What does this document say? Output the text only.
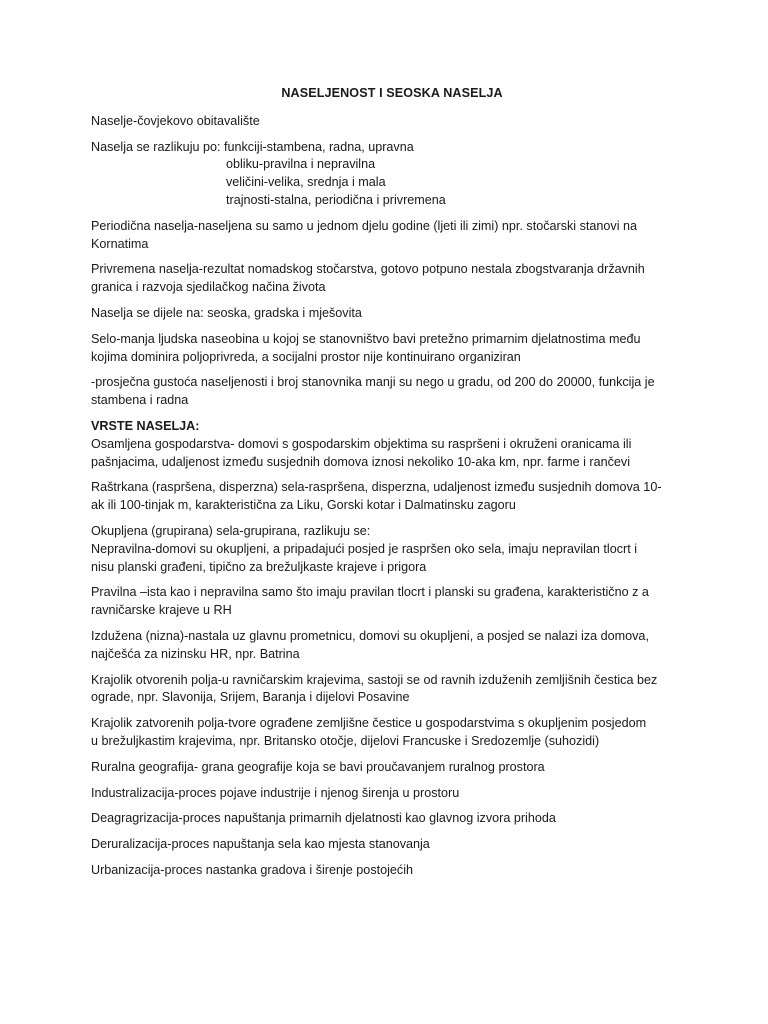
NASELJENOST I SEOSKA NASELJA
Naselje-čovjekovo obitavalište
Naselja se razlikuju po: funkciji-stambena, radna, upravna
obliku-pravilna i nepravilna
veličini-velika, srednja i mala
trajnosti-stalna, periodična i privremena
Periodična naselja-naseljena su samo u jednom djelu godine (ljeti ili zimi) npr. stočarski stanovi na
Kornatima
Privremena naselja-rezultat nomadskog stočarstva, gotovo potpuno nestala zbogstvaranja državnih
granica i razvoja sjedilačkog načina života
Naselja se dijele na: seoska, gradska i mješovita
Selo-manja ljudska naseobina u kojoj se stanovništvo bavi pretežno primarnim djelatnostima među
kojima dominira poljoprivreda, a socijalni prostor nije kontinuirano organiziran
-prosječna gustoća naseljenosti i broj stanovnika manji su nego u gradu, od 200 do 20000, funkcija je
stambena i radna
VRSTE NASELJA:
Osamljena gospodarstva- domovi s gospodarskim objektima su raspršeni i okruženi oranicama ili
pašnjacima, udaljenost između susjednih domova iznosi nekoliko 10-aka km, npr. farme i rančevi
Raštrkana (raspršena, disperzna) sela-raspršena, disperzna, udaljenost između susjednih domova 10-
ak ili 100-tinjak m, karakteristična za Liku, Gorski kotar i Dalmatinsku zagoru
Okupljena (grupirana) sela-grupirana, razlikuju se:
Nepravilna-domovi su okupljeni, a pripadajući posjed je raspršen oko sela, imaju nepravilan tlocrt i
nisu planski građeni, tipično za brežuljkaste krajeve i prigora
Pravilna –ista kao i nepravilna samo što imaju pravilan tlocrt i planski su građena, karakteristično z a
ravničarske krajeve u RH
Izdužena (nizna)-nastala uz glavnu prometnicu, domovi su okupljeni, a posjed se nalazi iza domova,
najčešća za nizinsku HR, npr. Batrina
Krajolik otvorenih polja-u ravničarskim krajevima, sastoji se od ravnih izduženih zemljišnih čestica bez
ograde, npr. Slavonija, Srijem, Baranja i dijelovi Posavine
Krajolik zatvorenih polja-tvore ograđene zemljišne čestice u gospodarstvima s okupljenim posjedom
u brežuljkastim krajevima, npr. Britansko otočje, dijelovi Francuske i Sredozemlje (suhozidi)
Ruralna geografija- grana geografije koja se bavi proučavanjem ruralnog prostora
Industralizacija-proces pojave industrije i njenog širenja u prostoru
Deagragrizacija-proces napuštanja primarnih djelatnosti kao glavnog izvora prihoda
Deruralizacija-proces napuštanja sela kao mjesta stanovanja
Urbanizacija-proces nastanka gradova i širenje postojećih
